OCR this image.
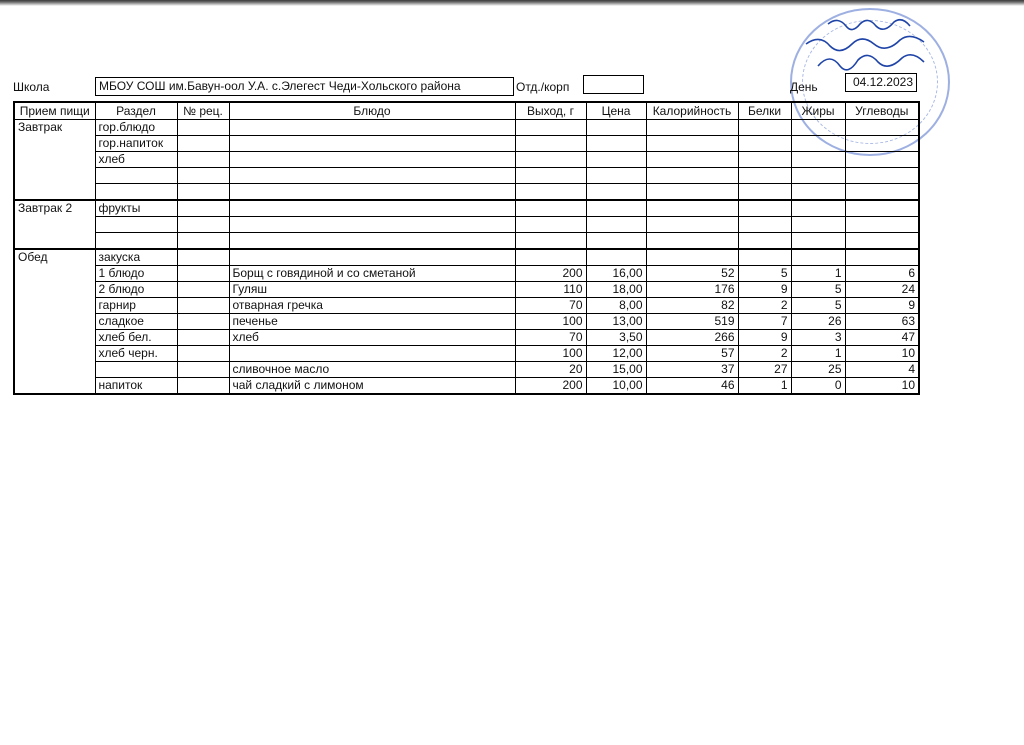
Школа	МБОУ СОШ им.Бавун-оол У.А. с.Элегест Чеди-Хольского района	Отд./корп	День	04.12.2023
Прием пищи	Раздел	№ рец.	Блюдо	Выход, г	Цена	Калорийность	Белки	Жиры	Углеводы
Завтрак	гор.блюдо								
	гор.напиток								
	хлеб								

Завтрак 2	фрукты								

Обед	закуска								
	1 блюдо		Борщ с говядиной и со сметаной	200	16,00	52	5	1	6
	2 блюдо		Гуляш	110	18,00	176	9	5	24
	гарнир		отварная гречка	70	8,00	82	2	5	9
	сладкое		печенье	100	13,00	519	7	26	63
	хлеб бел.		хлеб	70	3,50	266	9	3	47
	хлеб черн.			100	12,00	57	2	1	10
			сливочное масло	20	15,00	37	27	25	4
	напиток		чай сладкий с лимоном	200	10,00	46	1	0	10
